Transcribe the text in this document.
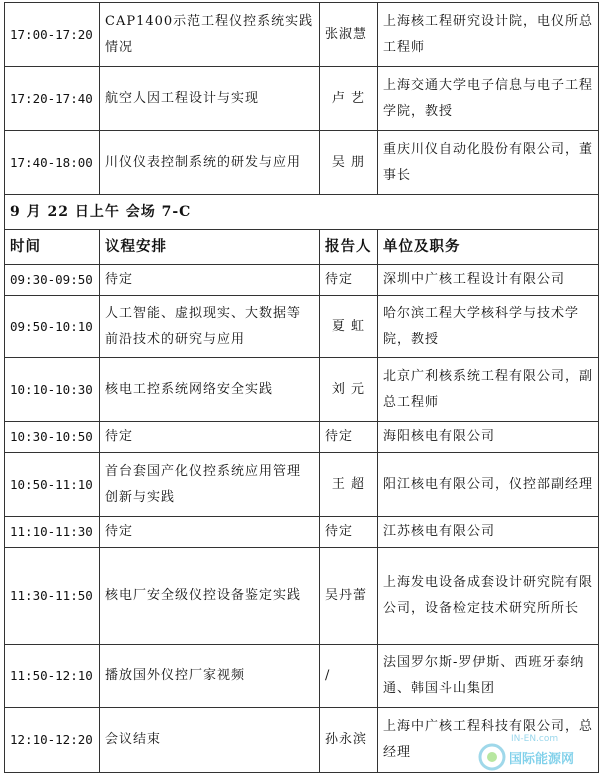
17:00-17:20	CAP1400示范工程仪控系统实践情况	张淑慧	上海核工程研究设计院，电仪所总工程师
17:20-17:40	航空人因工程设计与实现	卢 艺	上海交通大学电子信息与电子工程学院，教授
17:40-18:00	川仪仪表控制系统的研发与应用	吴 朋	重庆川仪自动化股份有限公司，董事长
9 月 22 日上午 会场 7-C			
时间	议程安排	报告人	单位及职务
09:30-09:50	待定	待定	深圳中广核工程设计有限公司
09:50-10:10	人工智能、虚拟现实、大数据等前沿技术的研究与应用	夏 虹	哈尔滨工程大学核科学与技术学院，教授
10:10-10:30	核电工控系统网络安全实践	刘 元	北京广利核系统工程有限公司，副总工程师
10:30-10:50	待定	待定	海阳核电有限公司
10:50-11:10	首台套国产化仪控系统应用管理创新与实践	王 超	阳江核电有限公司，仪控部副经理
11:10-11:30	待定	待定	江苏核电有限公司
11:30-11:50	核电厂安全级仪控设备鉴定实践	吴丹蕾	上海发电设备成套设计研究院有限公司，设备检定技术研究所所长
11:50-12:10	播放国外仪控厂家视频	/	法国罗尔斯-罗伊斯、西班牙泰纳通、韩国斗山集团
12:10-12:20	会议结束	孙永滨	上海中广核工程科技有限公司，总经理
IN-EN.com
国际能源网
